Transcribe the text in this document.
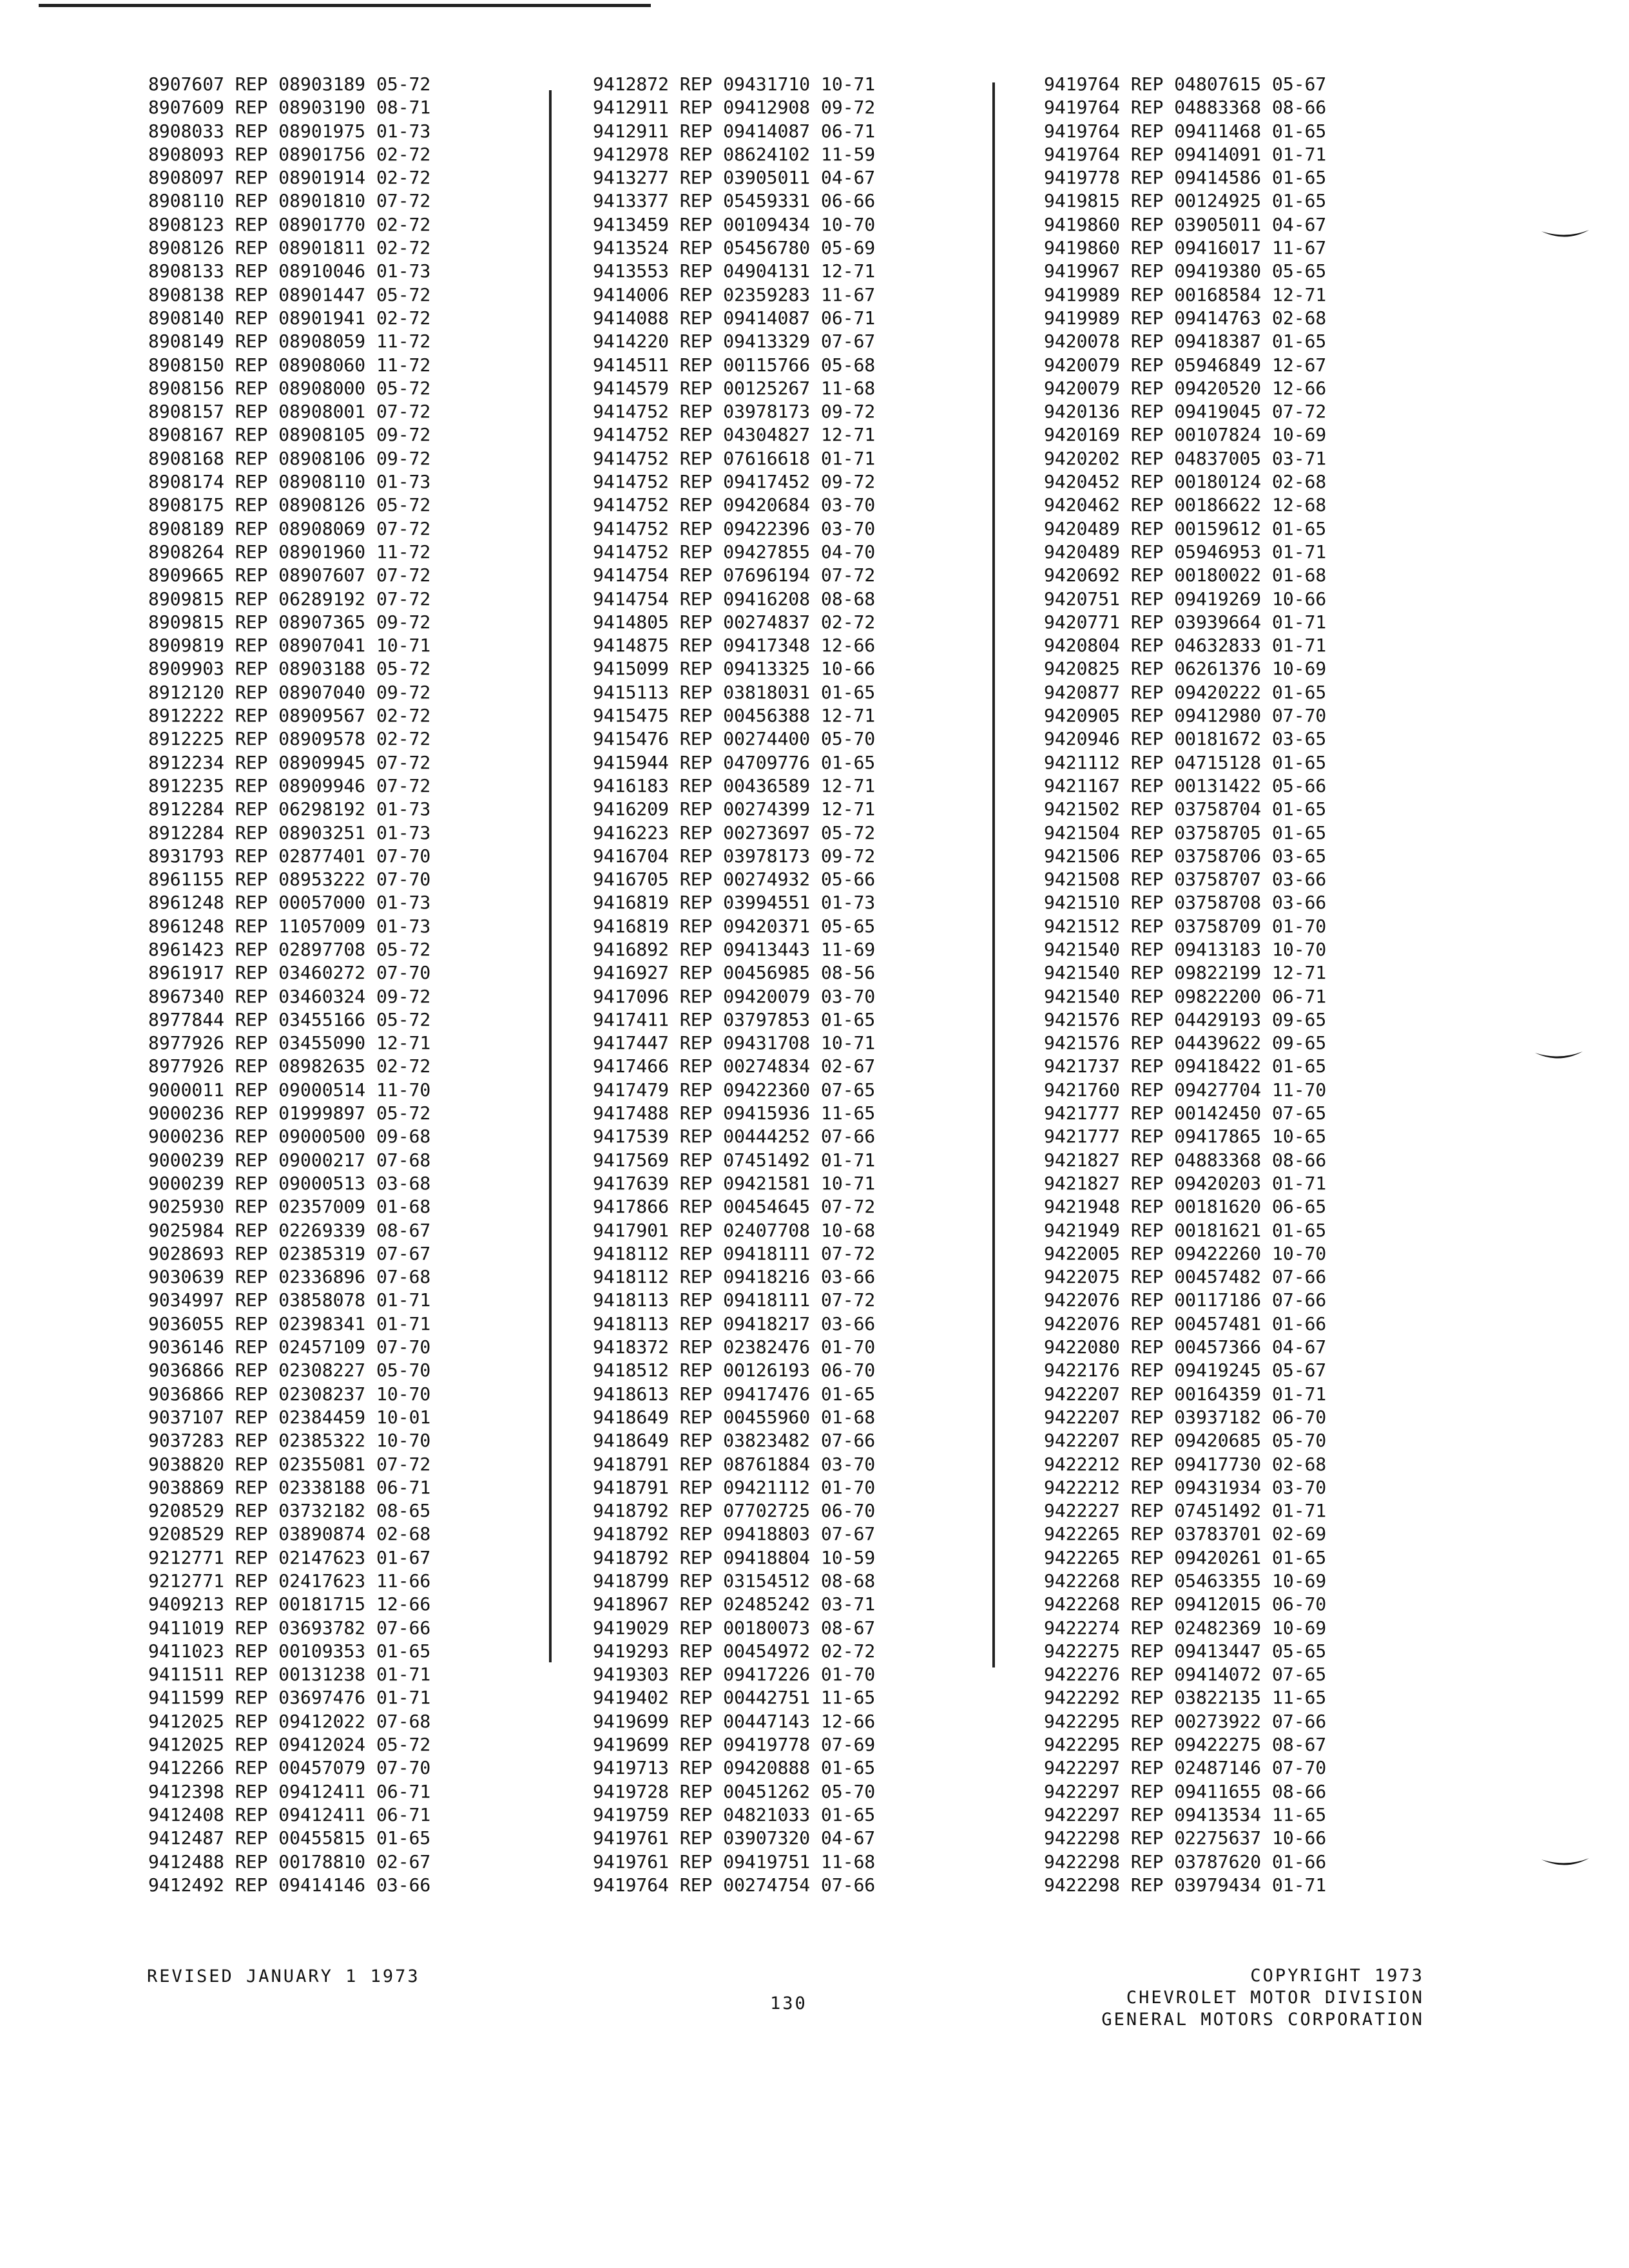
8907607 REP 08903189 05-72
8907609 REP 08903190 08-71
8908033 REP 08901975 01-73
8908093 REP 08901756 02-72
8908097 REP 08901914 02-72
8908110 REP 08901810 07-72
8908123 REP 08901770 02-72
8908126 REP 08901811 02-72
8908133 REP 08910046 01-73
8908138 REP 08901447 05-72
8908140 REP 08901941 02-72
8908149 REP 08908059 11-72
8908150 REP 08908060 11-72
8908156 REP 08908000 05-72
8908157 REP 08908001 07-72
8908167 REP 08908105 09-72
8908168 REP 08908106 09-72
8908174 REP 08908110 01-73
8908175 REP 08908126 05-72
8908189 REP 08908069 07-72
8908264 REP 08901960 11-72
8909665 REP 08907607 07-72
8909815 REP 06289192 07-72
8909815 REP 08907365 09-72
8909819 REP 08907041 10-71
8909903 REP 08903188 05-72
8912120 REP 08907040 09-72
8912222 REP 08909567 02-72
8912225 REP 08909578 02-72
8912234 REP 08909945 07-72
8912235 REP 08909946 07-72
8912284 REP 06298192 01-73
8912284 REP 08903251 01-73
8931793 REP 02877401 07-70
8961155 REP 08953222 07-70
8961248 REP 00057000 01-73
8961248 REP 11057009 01-73
8961423 REP 02897708 05-72
8961917 REP 03460272 07-70
8967340 REP 03460324 09-72
8977844 REP 03455166 05-72
8977926 REP 03455090 12-71
8977926 REP 08982635 02-72
9000011 REP 09000514 11-70
9000236 REP 01999897 05-72
9000236 REP 09000500 09-68
9000239 REP 09000217 07-68
9000239 REP 09000513 03-68
9025930 REP 02357009 01-68
9025984 REP 02269339 08-67
9028693 REP 02385319 07-67
9030639 REP 02336896 07-68
9034997 REP 03858078 01-71
9036055 REP 02398341 01-71
9036146 REP 02457109 07-70
9036866 REP 02308227 05-70
9036866 REP 02308237 10-70
9037107 REP 02384459 10-01
9037283 REP 02385322 10-70
9038820 REP 02355081 07-72
9038869 REP 02338188 06-71
9208529 REP 03732182 08-65
9208529 REP 03890874 02-68
9212771 REP 02147623 01-67
9212771 REP 02417623 11-66
9409213 REP 00181715 12-66
9411019 REP 03693782 07-66
9411023 REP 00109353 01-65
9411511 REP 00131238 01-71
9411599 REP 03697476 01-71
9412025 REP 09412022 07-68
9412025 REP 09412024 05-72
9412266 REP 00457079 07-70
9412398 REP 09412411 06-71
9412408 REP 09412411 06-71
9412487 REP 00455815 01-65
9412488 REP 00178810 02-67
9412492 REP 09414146 03-66
9412872 REP 09431710 10-71
9412911 REP 09412908 09-72
9412911 REP 09414087 06-71
9412978 REP 08624102 11-59
9413277 REP 03905011 04-67
9413377 REP 05459331 06-66
9413459 REP 00109434 10-70
9413524 REP 05456780 05-69
9413553 REP 04904131 12-71
9414006 REP 02359283 11-67
9414088 REP 09414087 06-71
9414220 REP 09413329 07-67
9414511 REP 00115766 05-68
9414579 REP 00125267 11-68
9414752 REP 03978173 09-72
9414752 REP 04304827 12-71
9414752 REP 07616618 01-71
9414752 REP 09417452 09-72
9414752 REP 09420684 03-70
9414752 REP 09422396 03-70
9414752 REP 09427855 04-70
9414754 REP 07696194 07-72
9414754 REP 09416208 08-68
9414805 REP 00274837 02-72
9414875 REP 09417348 12-66
9415099 REP 09413325 10-66
9415113 REP 03818031 01-65
9415475 REP 00456388 12-71
9415476 REP 00274400 05-70
9415944 REP 04709776 01-65
9416183 REP 00436589 12-71
9416209 REP 00274399 12-71
9416223 REP 00273697 05-72
9416704 REP 03978173 09-72
9416705 REP 00274932 05-66
9416819 REP 03994551 01-73
9416819 REP 09420371 05-65
9416892 REP 09413443 11-69
9416927 REP 00456985 08-56
9417096 REP 09420079 03-70
9417411 REP 03797853 01-65
9417447 REP 09431708 10-71
9417466 REP 00274834 02-67
9417479 REP 09422360 07-65
9417488 REP 09415936 11-65
9417539 REP 00444252 07-66
9417569 REP 07451492 01-71
9417639 REP 09421581 10-71
9417866 REP 00454645 07-72
9417901 REP 02407708 10-68
9418112 REP 09418111 07-72
9418112 REP 09418216 03-66
9418113 REP 09418111 07-72
9418113 REP 09418217 03-66
9418372 REP 02382476 01-70
9418512 REP 00126193 06-70
9418613 REP 09417476 01-65
9418649 REP 00455960 01-68
9418649 REP 03823482 07-66
9418791 REP 08761884 03-70
9418791 REP 09421112 01-70
9418792 REP 07702725 06-70
9418792 REP 09418803 07-67
9418792 REP 09418804 10-59
9418799 REP 03154512 08-68
9418967 REP 02485242 03-71
9419029 REP 00180073 08-67
9419293 REP 00454972 02-72
9419303 REP 09417226 01-70
9419402 REP 00442751 11-65
9419699 REP 00447143 12-66
9419699 REP 09419778 07-69
9419713 REP 09420888 01-65
9419728 REP 00451262 05-70
9419759 REP 04821033 01-65
9419761 REP 03907320 04-67
9419761 REP 09419751 11-68
9419764 REP 00274754 07-66
9419764 REP 04807615 05-67
9419764 REP 04883368 08-66
9419764 REP 09411468 01-65
9419764 REP 09414091 01-71
9419778 REP 09414586 01-65
9419815 REP 00124925 01-65
9419860 REP 03905011 04-67
9419860 REP 09416017 11-67
9419967 REP 09419380 05-65
9419989 REP 00168584 12-71
9419989 REP 09414763 02-68
9420078 REP 09418387 01-65
9420079 REP 05946849 12-67
9420079 REP 09420520 12-66
9420136 REP 09419045 07-72
9420169 REP 00107824 10-69
9420202 REP 04837005 03-71
9420452 REP 00180124 02-68
9420462 REP 00186622 12-68
9420489 REP 00159612 01-65
9420489 REP 05946953 01-71
9420692 REP 00180022 01-68
9420751 REP 09419269 10-66
9420771 REP 03939664 01-71
9420804 REP 04632833 01-71
9420825 REP 06261376 10-69
9420877 REP 09420222 01-65
9420905 REP 09412980 07-70
9420946 REP 00181672 03-65
9421112 REP 04715128 01-65
9421167 REP 00131422 05-66
9421502 REP 03758704 01-65
9421504 REP 03758705 01-65
9421506 REP 03758706 03-65
9421508 REP 03758707 03-66
9421510 REP 03758708 03-66
9421512 REP 03758709 01-70
9421540 REP 09413183 10-70
9421540 REP 09822199 12-71
9421540 REP 09822200 06-71
9421576 REP 04429193 09-65
9421576 REP 04439622 09-65
9421737 REP 09418422 01-65
9421760 REP 09427704 11-70
9421777 REP 00142450 07-65
9421777 REP 09417865 10-65
9421827 REP 04883368 08-66
9421827 REP 09420203 01-71
9421948 REP 00181620 06-65
9421949 REP 00181621 01-65
9422005 REP 09422260 10-70
9422075 REP 00457482 07-66
9422076 REP 00117186 07-66
9422076 REP 00457481 01-66
9422080 REP 00457366 04-67
9422176 REP 09419245 05-67
9422207 REP 00164359 01-71
9422207 REP 03937182 06-70
9422207 REP 09420685 05-70
9422212 REP 09417730 02-68
9422212 REP 09431934 03-70
9422227 REP 07451492 01-71
9422265 REP 03783701 02-69
9422265 REP 09420261 01-65
9422268 REP 05463355 10-69
9422268 REP 09412015 06-70
9422274 REP 02482369 10-69
9422275 REP 09413447 05-65
9422276 REP 09414072 07-65
9422292 REP 03822135 11-65
9422295 REP 00273922 07-66
9422295 REP 09422275 08-67
9422297 REP 02487146 07-70
9422297 REP 09411655 08-66
9422297 REP 09413534 11-65
9422298 REP 02275637 10-66
9422298 REP 03787620 01-66
9422298 REP 03979434 01-71
REVISED JANUARY 1 1973
130
COPYRIGHT 1973
CHEVROLET MOTOR DIVISION
GENERAL MOTORS CORPORATION
